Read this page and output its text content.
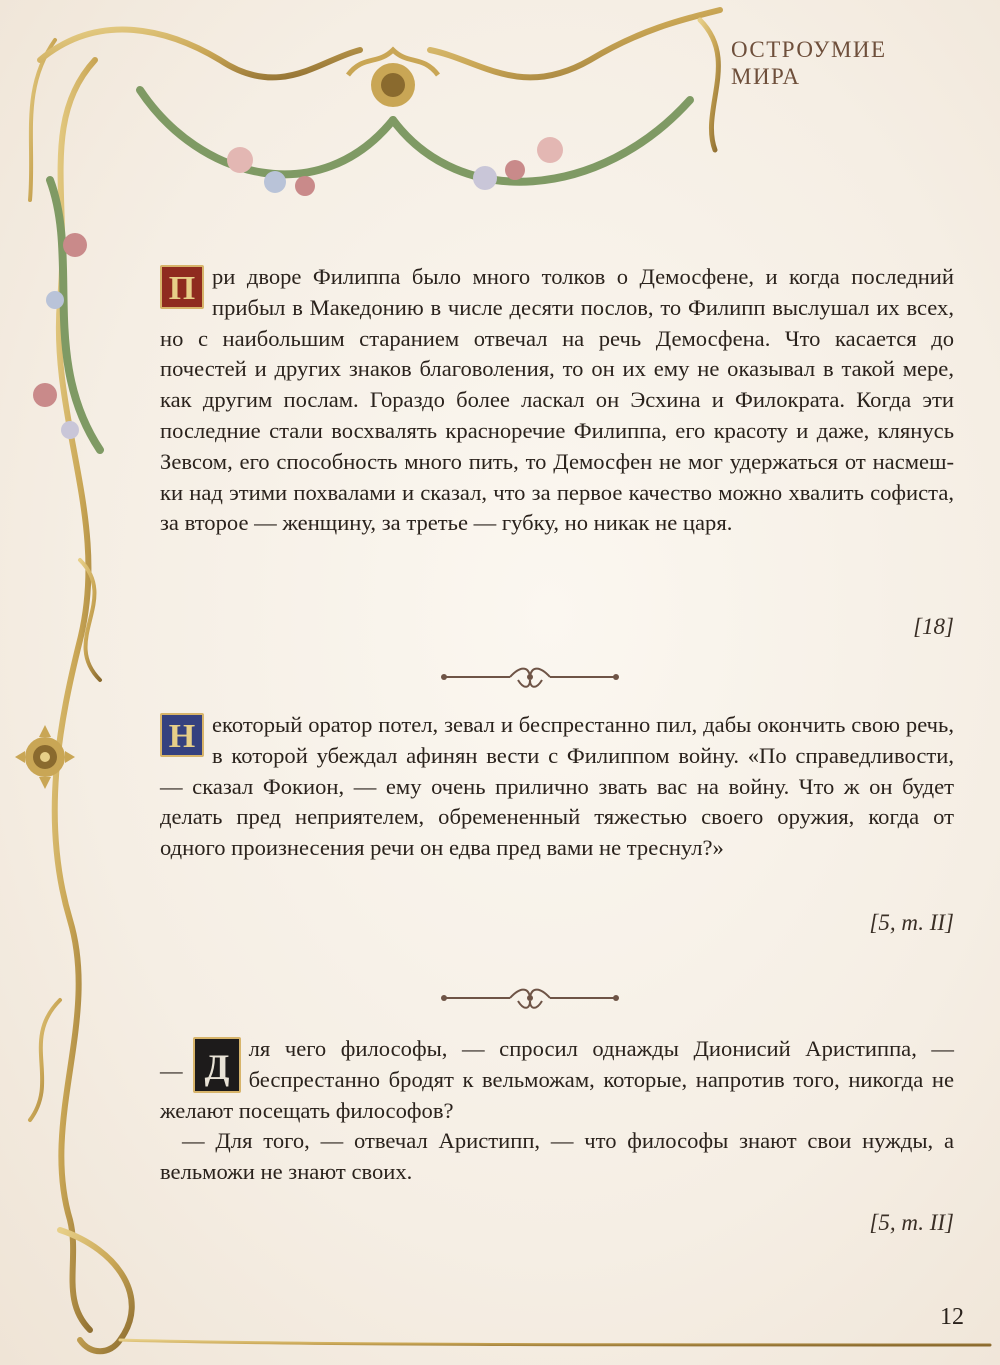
ОСТРОУМИЕ
МИРА

П ри дворе Филиппа было много толков о Демосфене, и когда последний прибыл в Македонию в числе десяти послов, то Филипп выслушал их всех, но с наибольшим старанием отвечал на речь Демосфена. Что касается до почестей и других знаков благоволения, то он их ему не оказывал в такой мере, как другим послам. Гораздо более ласкал он Эсхина и Филократа. Когда эти последние стали восхвалять красноречие Филиппа, его красоту и даже, клянусь Зевсом, его способность много пить, то Демосфен не мог удержаться от насмешки над этими похвалами и сказал, что за первое качество можно хвалить софиста, за второе — женщину, за третье — губку, но никак не царя.

[18]

Н екоторый оратор потел, зевал и беспрестанно пил, дабы окончить свою речь, в которой убеждал афинян вести с Филиппом войну. «По справедливости, — сказал Фокион, — ему очень прилично звать вас на войну. Что ж он будет делать пред неприятелем, обремененный тяжестью своего оружия, когда от одного произнесения речи он едва пред вами не треснул?»

[5, т. II]

— Д ля чего философы, — спросил однажды Дионисий Аристиппа, — беспрестанно бродят к вельможам, которые, напротив того, никогда не желают посещать философов?

— Для того, — отвечал Аристипп, — что философы знают свои нужды, а вельможи не знают своих.

[5, т. II]
12
